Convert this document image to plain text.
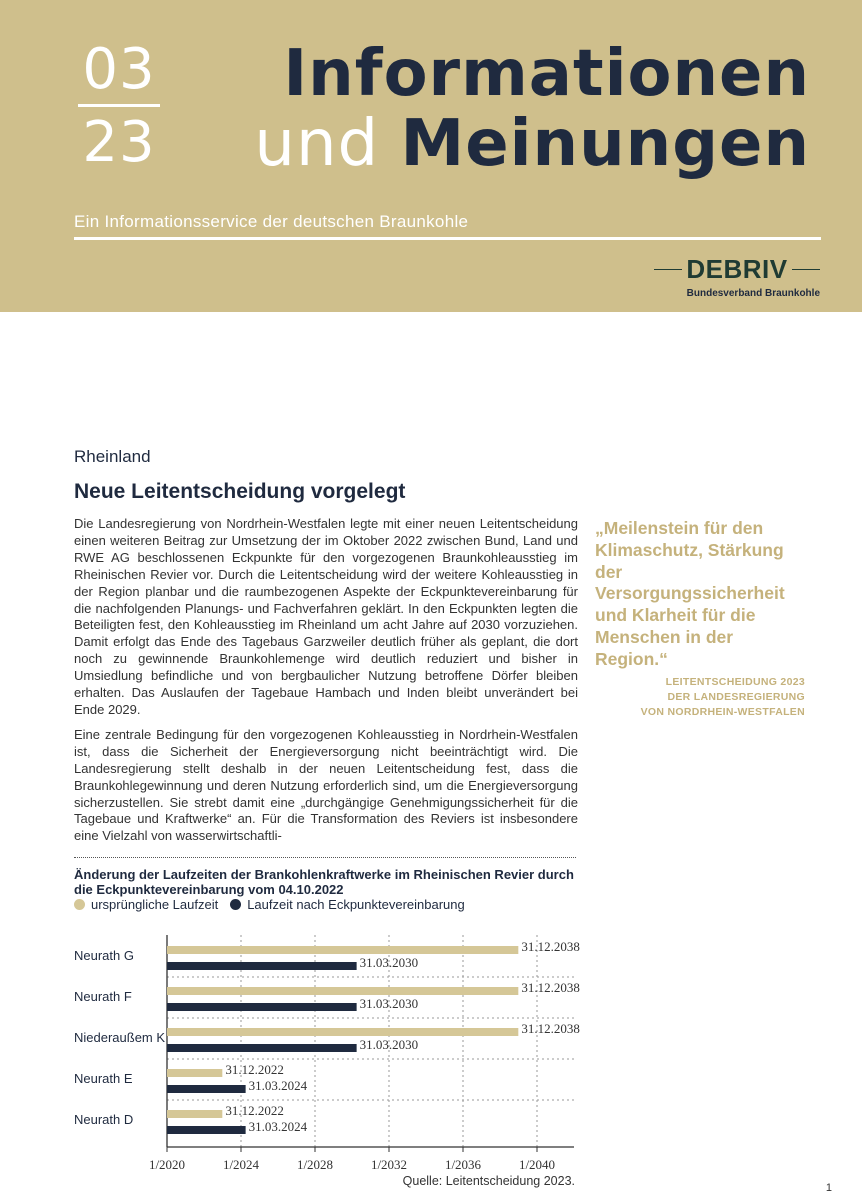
03
23
Informationen
und Meinungen
Ein Informationsservice der deutschen Braunkohle
DEBRIV
Bundesverband Braunkohle
Rheinland
Neue Leitentscheidung vorgelegt

Die Landesregierung von Nordrhein-Westfalen legte mit einer neuen Leitentscheidung einen weiteren Beitrag zur Umsetzung der im Oktober 2022 zwischen Bund, Land und RWE AG beschlossenen Eckpunkte für den vorgezogenen Braunkohleausstieg im Rheinischen Revier vor. Durch die Leitentscheidung wird der weitere Kohleausstieg in der Region planbar und die raumbezogenen Aspekte der Eckpunktevereinbarung für die nachfolgenden Planungs- und Fachverfahren geklärt. In den Eckpunkten legten die Beteiligten fest, den Kohleausstieg im Rheinland um acht Jahre auf 2030 vorzuziehen. Damit erfolgt das Ende des Tagebaus Garzweiler deutlich früher als geplant, die dort noch zu gewinnende Braunkohlemenge wird deutlich reduziert und bisher in Umsiedlung befindliche und von bergbaulicher Nutzung betroffene Dörfer bleiben erhalten. Das Auslaufen der Tagebaue Hambach und Inden bleibt unverändert bei Ende 2029.

Eine zentrale Bedingung für den vorgezogenen Kohleausstieg in Nordrhein-Westfalen ist, dass die Sicherheit der Energieversorgung nicht beeinträchtigt wird. Die Landesregierung stellt deshalb in der neuen Leitentscheidung fest, dass die Braunkohlegewinnung und deren Nutzung erforderlich sind, um die Energieversorgung sicherzustellen. Sie strebt damit eine „durchgängige Genehmigungssicherheit für die Tagebaue und Kraftwerke“ an. Für die Transformation des Reviers ist insbesondere eine Vielzahl von wasserwirtschaftli-

„Meilenstein für den Klimaschutz, Stärkung der Versorgungssicherheit und Klarheit für die Menschen in der Region.“
LEITENTSCHEIDUNG 2023
DER LANDESREGIERUNG
VON NORDRHEIN-WESTFALEN
Änderung der Laufzeiten der Brankohlenkraftwerke im Rheinischen Revier durch die Eckpunktevereinbarung vom 04.10.2022
ursprüngliche Laufzeit Laufzeit nach Eckpunktevereinbarung
1/2020	1/2024	1/2028	1/2032	1/2036	1/2040
Neurath G
31.12.2038
31.03.2030
Neurath F
31.12.2038
31.03.2030
Niederaußem K
31.12.2038
31.03.2030
Neurath E
31.12.2022
31.03.2024
Neurath D
31.12.2022
31.03.2024
Quelle: Leitentscheidung 2023.	1
